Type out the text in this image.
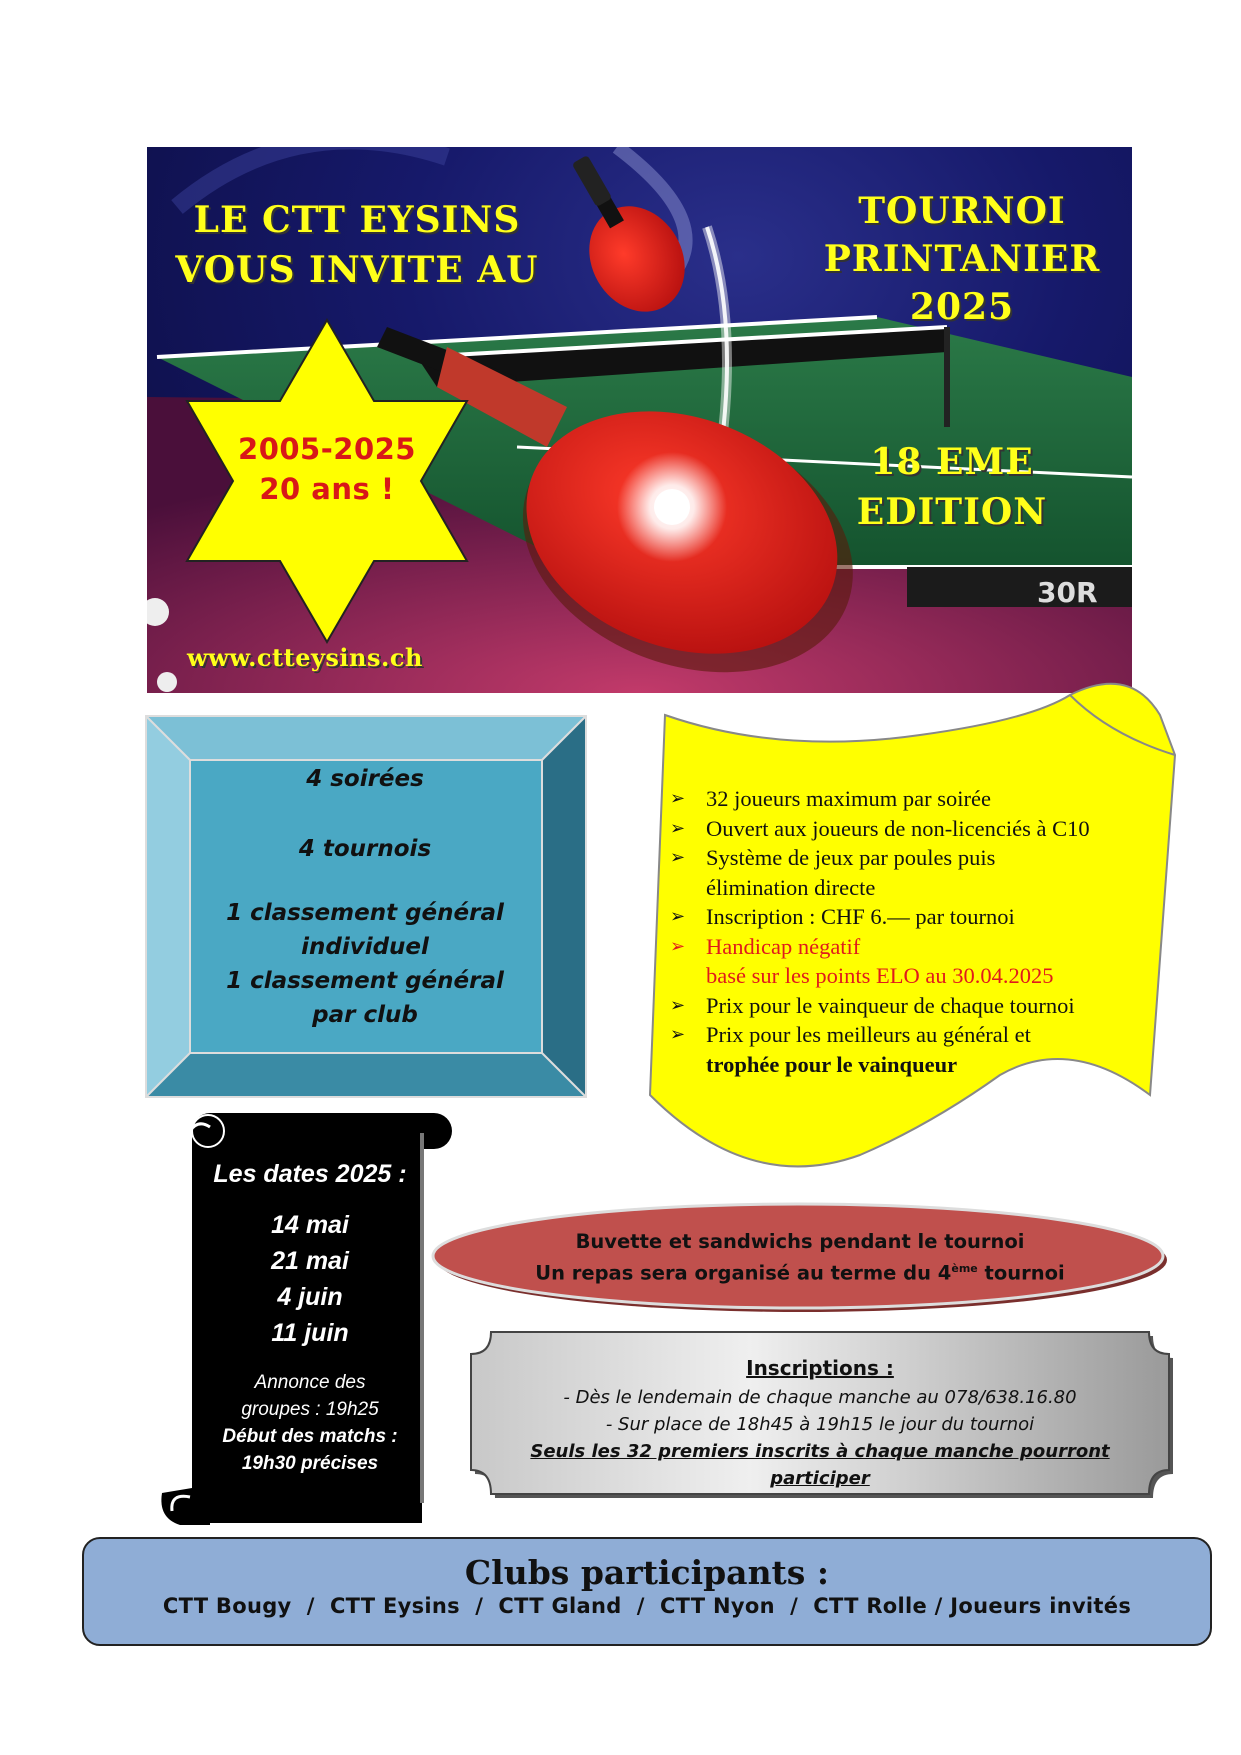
30R
LE CTT EYSINS
VOUS INVITE AU
TOURNOI
PRINTANIER
2025
18 EME
EDITION
2005-2025
20 ans !
www.ctteysins.ch
4 soirées
4 tournois
1 classement général
individuel
1 classement général
par club
➢ 32 joueurs maximum par soirée
➢ Ouvert aux joueurs de non-licenciés à C10
➢ Système de jeux par poules puis
élimination directe
➢ Inscription : CHF 6.— par tournoi
➢ Handicap négatif
basé sur les points ELO au 30.04.2025
➢ Prix pour le vainqueur de chaque tournoi
➢ Prix pour les meilleurs au général et
trophée pour le vainqueur
Les dates 2025 :
14 mai
21 mai
4 juin
11 juin
Annonce des
groupes : 19h25
Début des matchs :
19h30 précises
Buvette et sandwichs pendant le tournoi
Un repas sera organisé au terme du 4ème tournoi
Inscriptions :
- Dès le lendemain de chaque manche au 078/638.16.80
- Sur place de 18h45 à 19h15 le jour du tournoi
Seuls les 32 premiers inscrits à chaque manche pourront participer
Clubs participants :
CTT Bougy  /  CTT Eysins  /  CTT Gland  /  CTT Nyon  /  CTT Rolle / Joueurs invités
